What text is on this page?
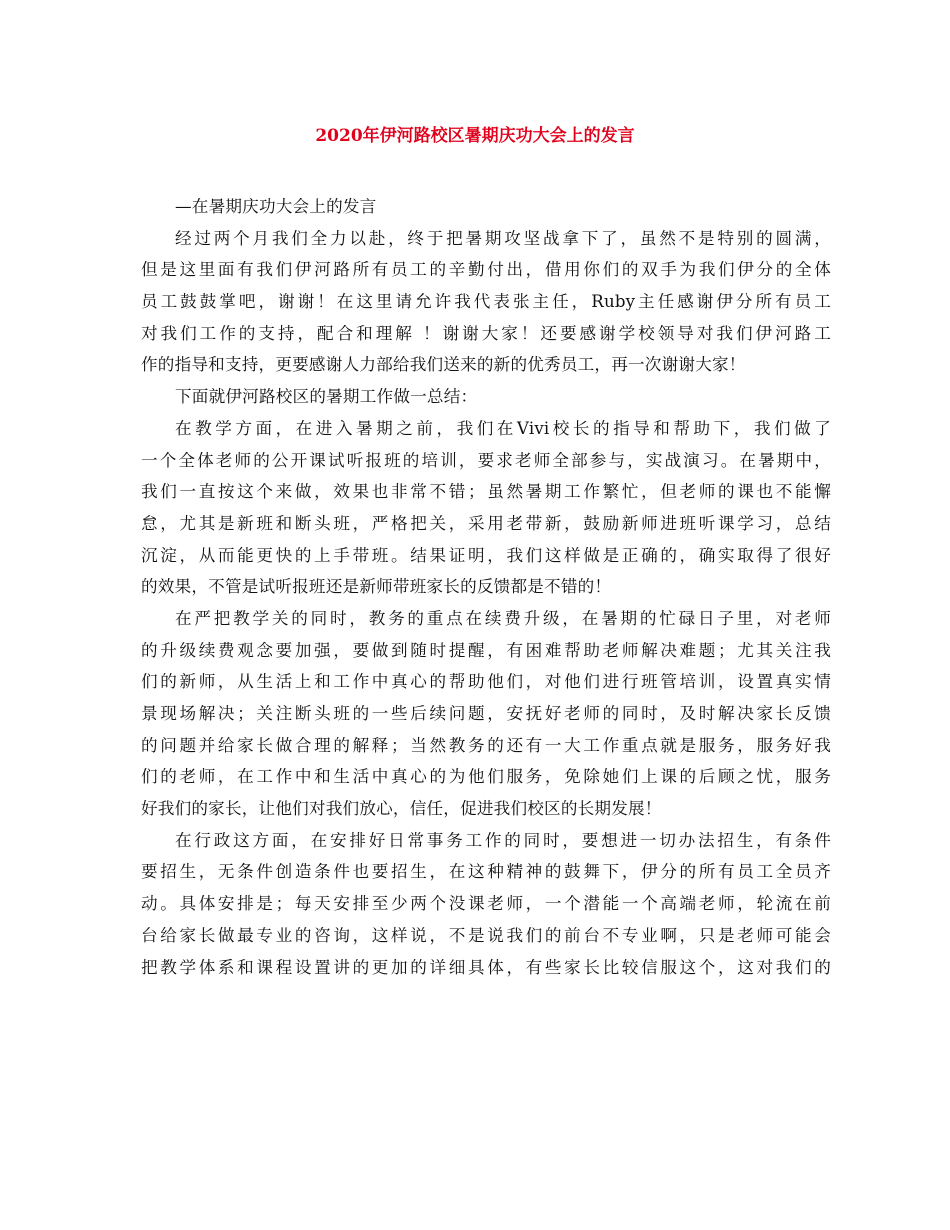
2020年伊河路校区暑期庆功大会上的发言
—在暑期庆功大会上的发言
经过两个月我们全力以赴，终于把暑期攻坚战拿下了，虽然不是特别的圆满，
但是这里面有我们伊河路所有员工的辛勤付出，借用你们的双手为我们伊分的全体
员工鼓鼓掌吧，谢谢！在这里请允许我代表张主任，Ruby主任感谢伊分所有员工
对我们工作的支持，配合和理解 ！谢谢大家！还要感谢学校领导对我们伊河路工
作的指导和支持，更要感谢人力部给我们送来的新的优秀员工，再一次谢谢大家！
下面就伊河路校区的暑期工作做一总结：
在教学方面，在进入暑期之前，我们在Vivi校长的指导和帮助下，我们做了
一个全体老师的公开课试听报班的培训，要求老师全部参与，实战演习。在暑期中，
我们一直按这个来做，效果也非常不错；虽然暑期工作繁忙，但老师的课也不能懈
怠，尤其是新班和断头班，严格把关，采用老带新，鼓励新师进班听课学习，总结
沉淀，从而能更快的上手带班。结果证明，我们这样做是正确的，确实取得了很好
的效果，不管是试听报班还是新师带班家长的反馈都是不错的！
在严把教学关的同时，教务的重点在续费升级，在暑期的忙碌日子里，对老师
的升级续费观念要加强，要做到随时提醒，有困难帮助老师解决难题；尤其关注我
们的新师，从生活上和工作中真心的帮助他们，对他们进行班管培训，设置真实情
景现场解决；关注断头班的一些后续问题，安抚好老师的同时，及时解决家长反馈
的问题并给家长做合理的解释；当然教务的还有一大工作重点就是服务，服务好我
们的老师，在工作中和生活中真心的为他们服务，免除她们上课的后顾之忧，服务
好我们的家长，让他们对我们放心，信任，促进我们校区的长期发展！
在行政这方面，在安排好日常事务工作的同时，要想进一切办法招生，有条件
要招生，无条件创造条件也要招生，在这种精神的鼓舞下，伊分的所有员工全员齐
动。具体安排是；每天安排至少两个没课老师，一个潜能一个高端老师，轮流在前
台给家长做最专业的咨询，这样说，不是说我们的前台不专业啊，只是老师可能会
把教学体系和课程设置讲的更加的详细具体，有些家长比较信服这个，这对我们的
